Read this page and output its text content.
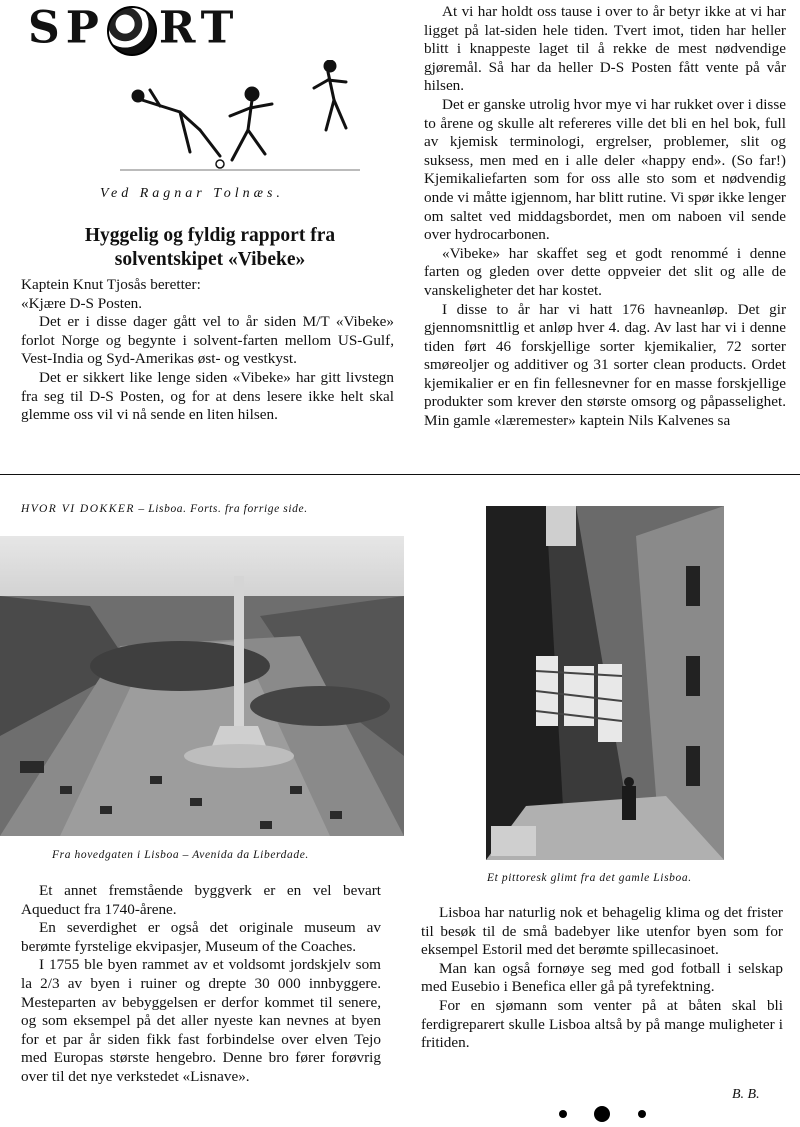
SP RT
Ved Ragnar Tolnæs.
Hyggelig og fyldig rapport fra
solventskipet «Vibeke»

Kaptein Knut Tjosås beretter:

«Kjære D-S Posten.

Det er i disse dager gått vel to år siden M/T «Vibeke» forlot Norge og begynte i solvent-farten mellom US-Gulf, Vest-India og Syd-Amerikas øst- og vestkyst.

Det er sikkert like lenge siden «Vibeke» har gitt livstegn fra seg til D-S Posten, og for at dens lesere ikke helt skal glemme oss vil vi nå sende en liten hilsen.

At vi har holdt oss tause i over to år betyr ikke at vi har ligget på lat-siden hele tiden. Tvert imot, tiden har heller blitt i knappeste laget til å rekke de mest nødvendige gjøremål. Så har da heller D-S Posten fått vente på vår hilsen.

Det er ganske utrolig hvor mye vi har rukket over i disse to årene og skulle alt refereres ville det bli en hel bok, full av kjemisk terminologi, ergrelser, problemer, slit og suksess, men med en i alle deler «happy end». (So far!) Kjemikaliefarten som for oss alle sto som et nødvendig onde vi måtte igjennom, har blitt rutine. Vi spør ikke lenger om saltet ved middagsbordet, men om naboen vil sende over hydrocarbonen.

«Vibeke» har skaffet seg et godt renommé i denne farten og gleden over dette oppveier det slit og alle de vanskeligheter det har kostet.

I disse to år har vi hatt 176 havneanløp. Det gir gjennomsnittlig et anløp hver 4. dag. Av last har vi i denne tiden ført 46 forskjellige sorter kjemikalier, 72 sorter smøreoljer og additiver og 31 sorter clean products. Ordet kjemikalier er en fin fellesnevner for en masse forskjellige produkter som krever den største omsorg og påpasselighet. Min gamle «læremester» kaptein Nils Kalvenes sa

HVOR VI DOKKER – Lisboa. Forts. fra forrige side.
Fra hovedgaten i Lisboa – Avenida da Liberdade.
Et pittoresk glimt fra det gamle Lisboa.

Et annet fremstående byggverk er en vel bevart Aqueduct fra 1740-årene.

En severdighet er også det originale museum av berømte fyrstelige ekvipasjer, Museum of the Coaches.

I 1755 ble byen rammet av et voldsomt jordskjelv som la 2/3 av byen i ruiner og drepte 30 000 innbyggere. Mesteparten av bebyggelsen er derfor kommet til senere, og som eksempel på det aller nyeste kan nevnes at byen for et par år siden fikk fast forbindelse over elven Tejo med Europas største hengebro. Denne bro fører forøvrig over til det nye verkstedet «Lisnave».

Lisboa har naturlig nok et behagelig klima og det frister til besøk til de små badebyer like utenfor byen som for eksempel Estoril med det berømte spillecasinoet.

Man kan også fornøye seg med god fotball i selskap med Eusebio i Benefica eller gå på tyrefektning.

For en sjømann som venter på at båten skal bli ferdigreparert skulle Lisboa altså by på mange muligheter i fritiden.

B. B.
